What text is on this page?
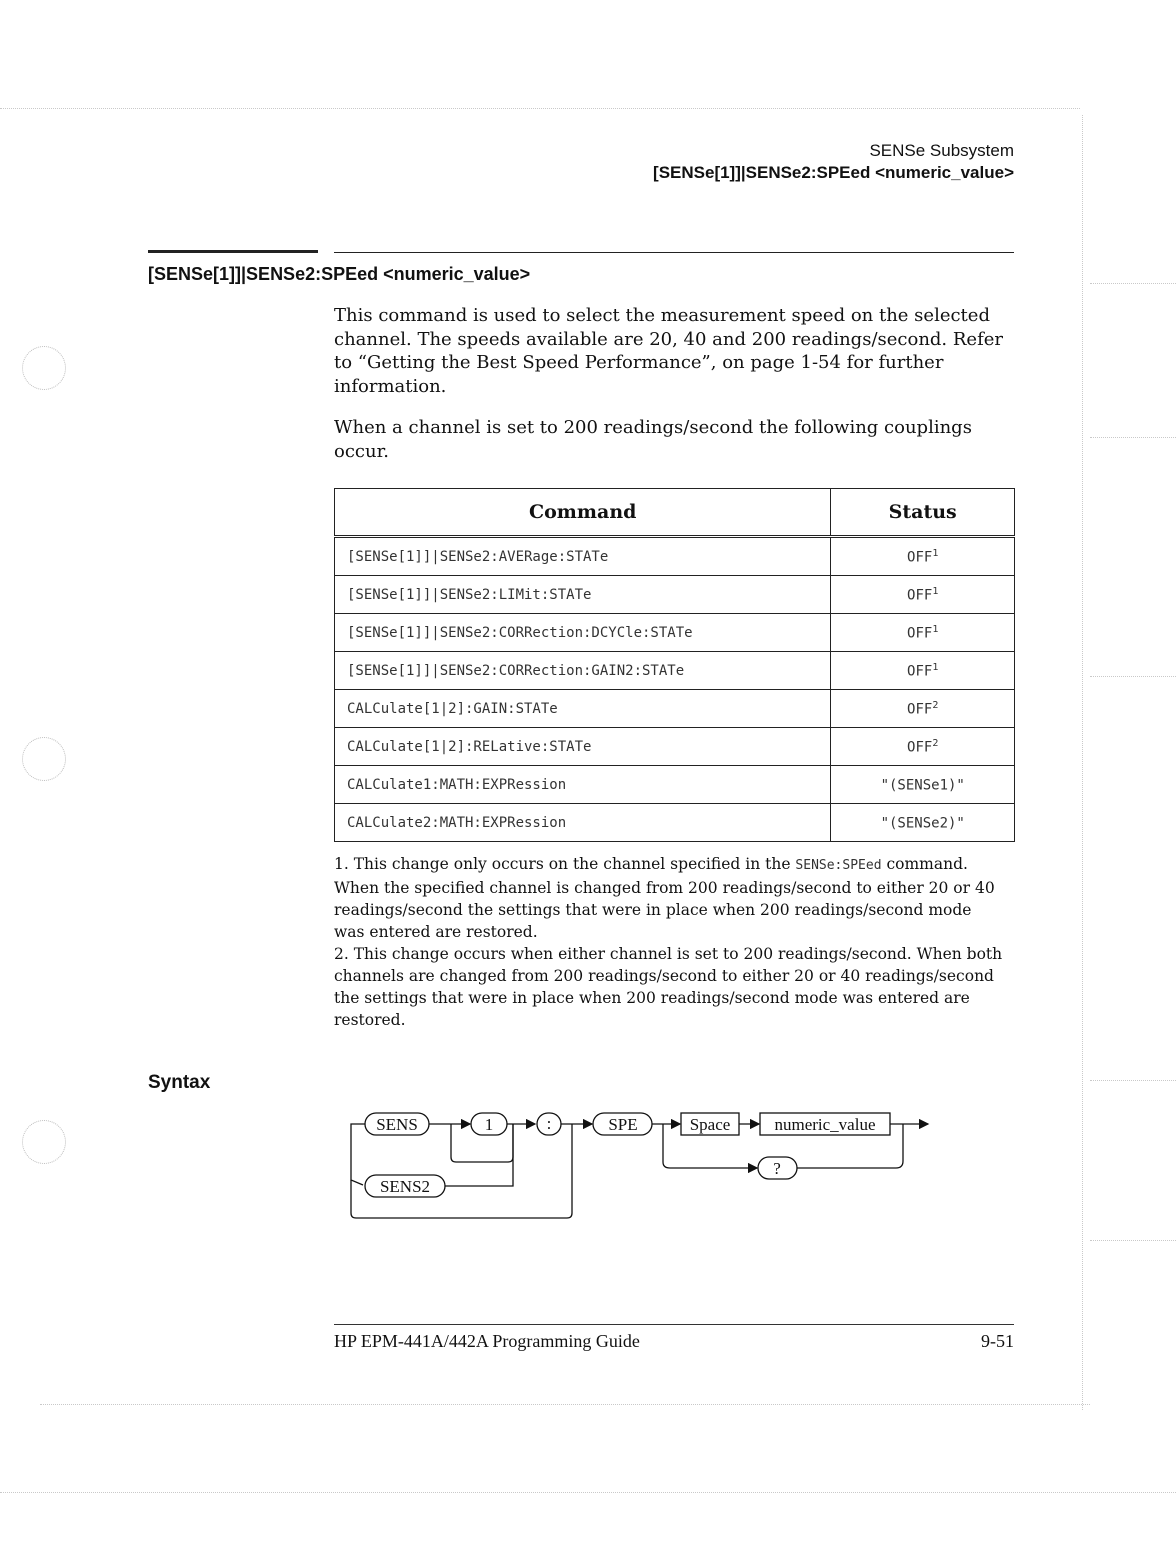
SENSe Subsystem
[SENSe[1]]|SENSe2:SPEed <numeric_value>
[SENSe[1]]|SENSe2:SPEed <numeric_value>
This command is used to select the measurement speed on the selected channel. The speeds available are 20, 40 and 200 readings/second. Refer to “Getting the Best Speed Performance”, on page 1-54 for further information.
When a channel is set to 200 readings/second the following couplings occur.
Command	Status
[SENSe[1]]|SENSe2:AVERage:STATe	OFF$^1$
[SENSe[1]]|SENSe2:LIMit:STATe	OFF$^1$
[SENSe[1]]|SENSe2:CORRection:DCYCle:STATe	OFF$^1$
[SENSe[1]]|SENSe2:CORRection:GAIN2:STATe	OFF$^1$
CALCulate[1|2]:GAIN:STATe	OFF$^2$
CALCulate[1|2]:RELative:STATe	OFF$^2$
CALCulate1:MATH:EXPRession	"(SENSe1)"
CALCulate2:MATH:EXPRession	"(SENSe2)"
1. This change only occurs on the channel specified in the SENSe:SPEed command. When the specified channel is changed from 200 readings/second to either 20 or 40 readings/second the settings that were in place when 200 readings/second mode was entered are restored.
2. This change occurs when either channel is set to 200 readings/second. When both channels are changed from 200 readings/second to either 20 or 40 readings/second the settings that were in place when 200 readings/second mode was entered are restored.
Syntax
SENS	1	:	SPE	Space	numeric_value
?
SENS2
HP EPM-441A/442A Programming Guide	9-51
